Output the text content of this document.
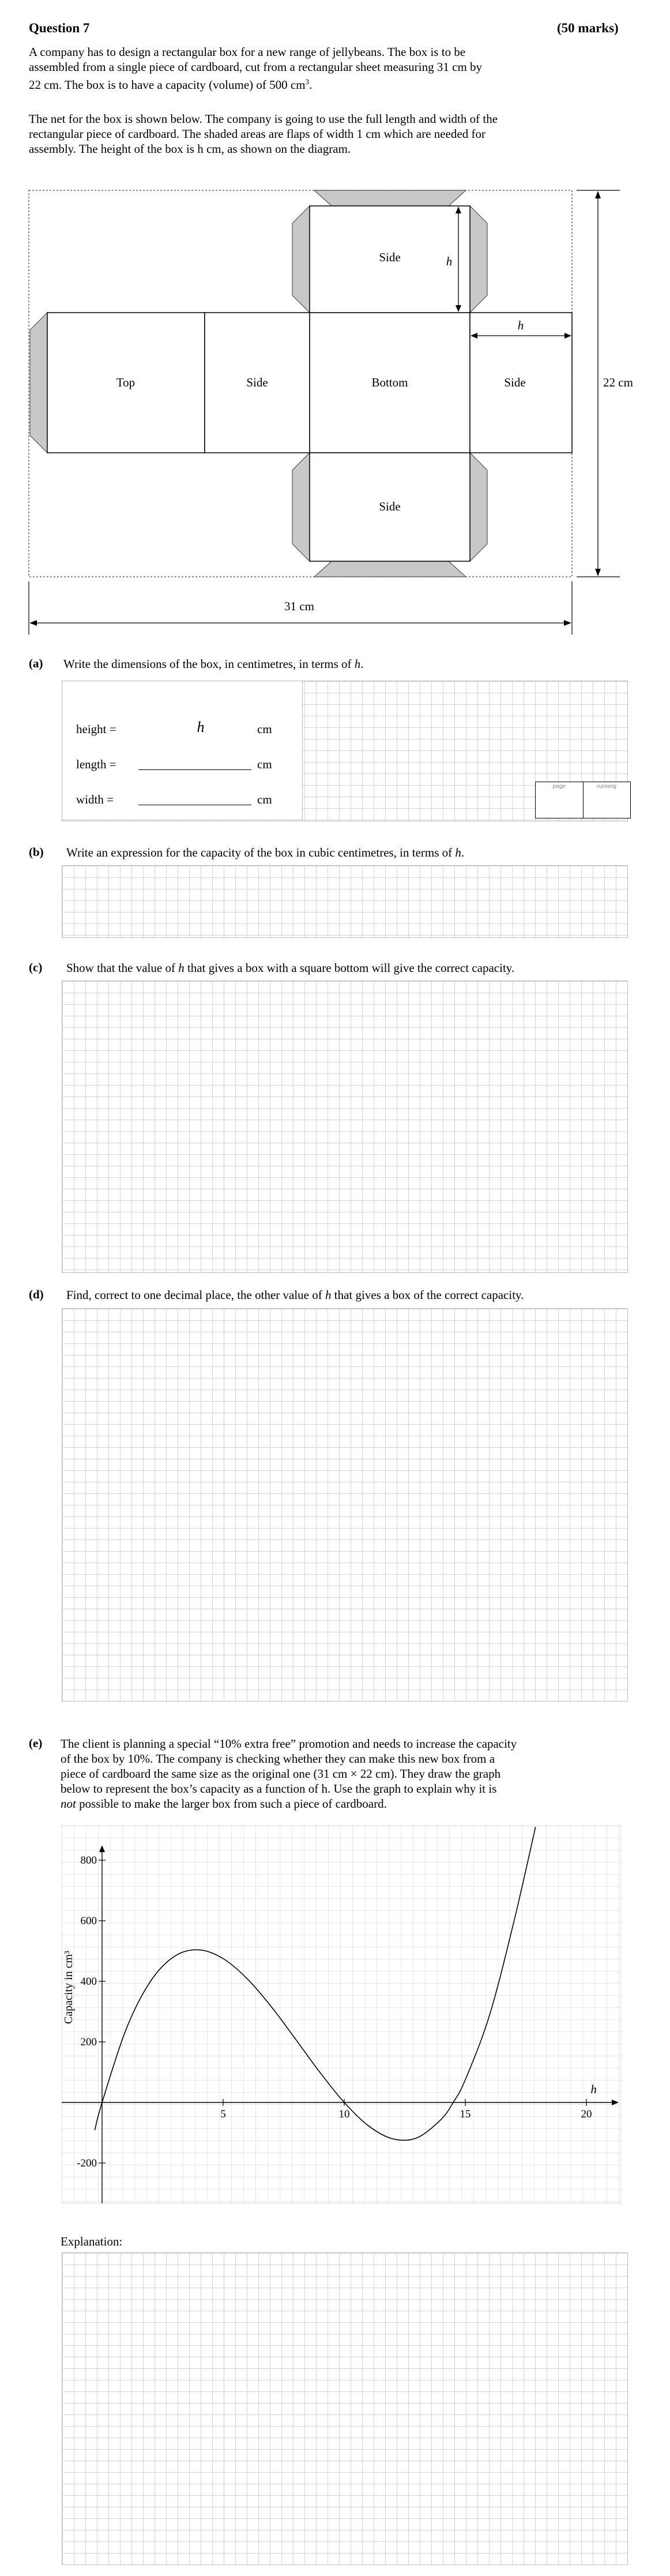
Question 7	(50 marks)
A company has to design a rectangular box for a new range of jellybeans. The box is to be
assembled from a single piece of cardboard, cut from a rectangular sheet measuring 31 cm by
22 cm. The box is to have a capacity (volume) of 500 $cm^3$.
The net for the box is shown below. The company is going to use the full length and width of the
rectangular piece of cardboard. The shaded areas are flaps of width 1 cm which are needed for
assembly. The height of the box is h cm, as shown on the diagram.
Top	Side	Bottom	Side
Side
Side
h
h
22 cm
31 cm
(a) Write the dimensions of the box, in centimetres, in terms of h.
height =	h	cm
length =	cm
width =	cm
page	running
(b) Write an expression for the capacity of the box in cubic centimetres, in terms of h.
(c) Show that the value of h that gives a box with a square bottom will give the correct capacity.
(d) Find, correct to one decimal place, the other value of h that gives a box of the correct capacity.
(e) The client is planning a special “10% extra free” promotion and needs to increase the capacity
of the box by 10%. The company is checking whether they can make this new box from a
piece of cardboard the same size as the original one (31 cm × 22 cm). They draw the graph
below to represent the box’s capacity as a function of h. Use the graph to explain why it is
not possible to make the larger box from such a piece of cardboard.
5	10	15	20
-200
200
400
600
800
Capacity in cm³
h
Explanation:
